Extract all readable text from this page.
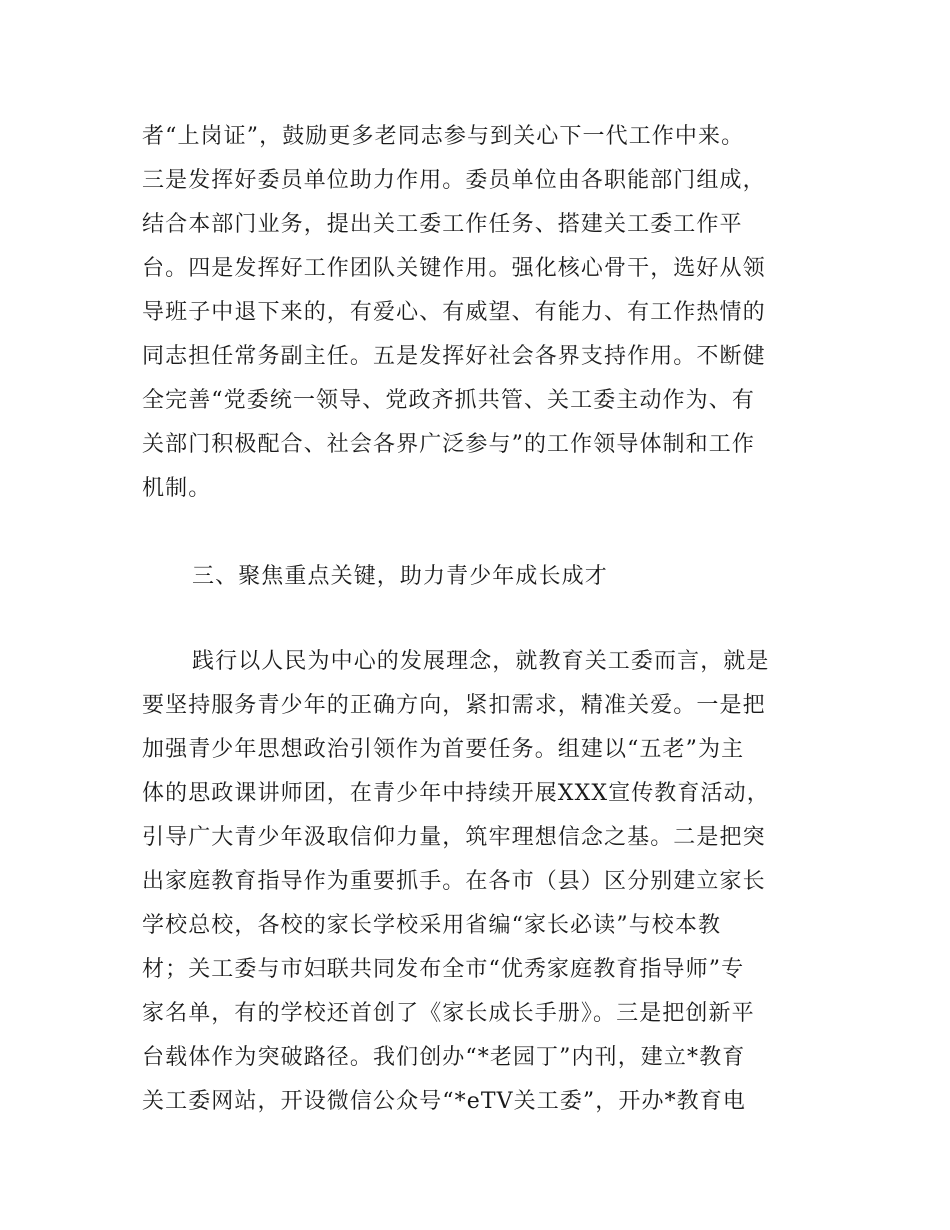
者“上岗证”，鼓励更多老同志参与到关心下一代工作中来。
三是发挥好委员单位助力作用。委员单位由各职能部门组成，
结合本部门业务，提出关工委工作任务、搭建关工委工作平
台。四是发挥好工作团队关键作用。强化核心骨干，选好从领
导班子中退下来的，有爱心、有威望、有能力、有工作热情的
同志担任常务副主任。五是发挥好社会各界支持作用。不断健
全完善“党委统一领导、党政齐抓共管、关工委主动作为、有
关部门积极配合、社会各界广泛参与”的工作领导体制和工作
机制。
三、聚焦重点关键，助力青少年成长成才
践行以人民为中心的发展理念，就教育关工委而言，就是
要坚持服务青少年的正确方向，紧扣需求，精准关爱。一是把
加强青少年思想政治引领作为首要任务。组建以“五老”为主
体的思政课讲师团，在青少年中持续开展XXX宣传教育活动，
引导广大青少年汲取信仰力量，筑牢理想信念之基。二是把突
出家庭教育指导作为重要抓手。在各市（县）区分别建立家长
学校总校，各校的家长学校采用省编“家长必读”与校本教
材；关工委与市妇联共同发布全市“优秀家庭教育指导师”专
家名单，有的学校还首创了《家长成长手册》。三是把创新平
台载体作为突破路径。我们创办“*老园丁”内刊，建立*教育
关工委网站，开设微信公众号“*eTV关工委”，开办*教育电
